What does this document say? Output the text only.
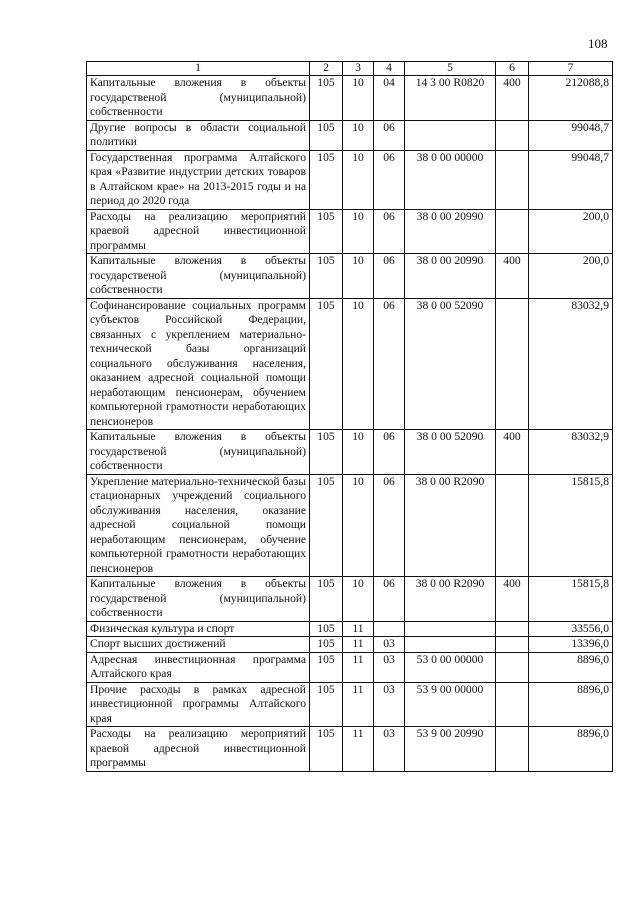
108
1	2	3	4	5	6	7
Капитальные вложения в объекты государственой (муниципальной) собственности	105	10	04	14 3 00 R0820	400	212088,8
Другие вопросы в области социальной политики	105	10	06			99048,7
Государственная программа Алтайского края «Развитие индустрии детских товаров в Алтайском крае» на 2013-2015 годы и на период до 2020 года	105	10	06	38 0 00 00000		99048,7
Расходы на реализацию мероприятий краевой адресной инвестиционной программы	105	10	06	38 0 00 20990		200,0
Капитальные вложения в объекты государственой (муниципальной) собственности	105	10	06	38 0 00 20990	400	200,0
Софинансирование социальных программ субъектов Российской Федерации, связанных с укреплением материально-технической базы организаций социального обслуживания населения, оказанием адресной социальной помощи неработающим пенсионерам, обучением компьютерной грамотности неработающих пенсионеров	105	10	06	38 0 00 52090		83032,9
Капитальные вложения в объекты государственой (муниципальной) собственности	105	10	06	38 0 00 52090	400	83032,9
Укрепление материально-технической базы стационарных учреждений социального обслуживания населения, оказание адресной социальной помощи неработающим пенсионерам, обучение компьютерной грамотности неработающих пенсионеров	105	10	06	38 0 00 R2090		15815,8
Капитальные вложения в объекты государственой (муниципальной) собственности	105	10	06	38 0 00 R2090	400	15815,8
Физическая культура и спорт	105	11				33556,0
Спорт высших достижений	105	11	03			13396,0
Адресная инвестиционная программа Алтайского края	105	11	03	53 0 00 00000		8896,0
Прочие расходы в рамках адресной инвестиционной программы Алтайского края	105	11	03	53 9 00 00000		8896,0
Расходы на реализацию мероприятий краевой адресной инвестиционной программы	105	11	03	53 9 00 20990		8896,0
